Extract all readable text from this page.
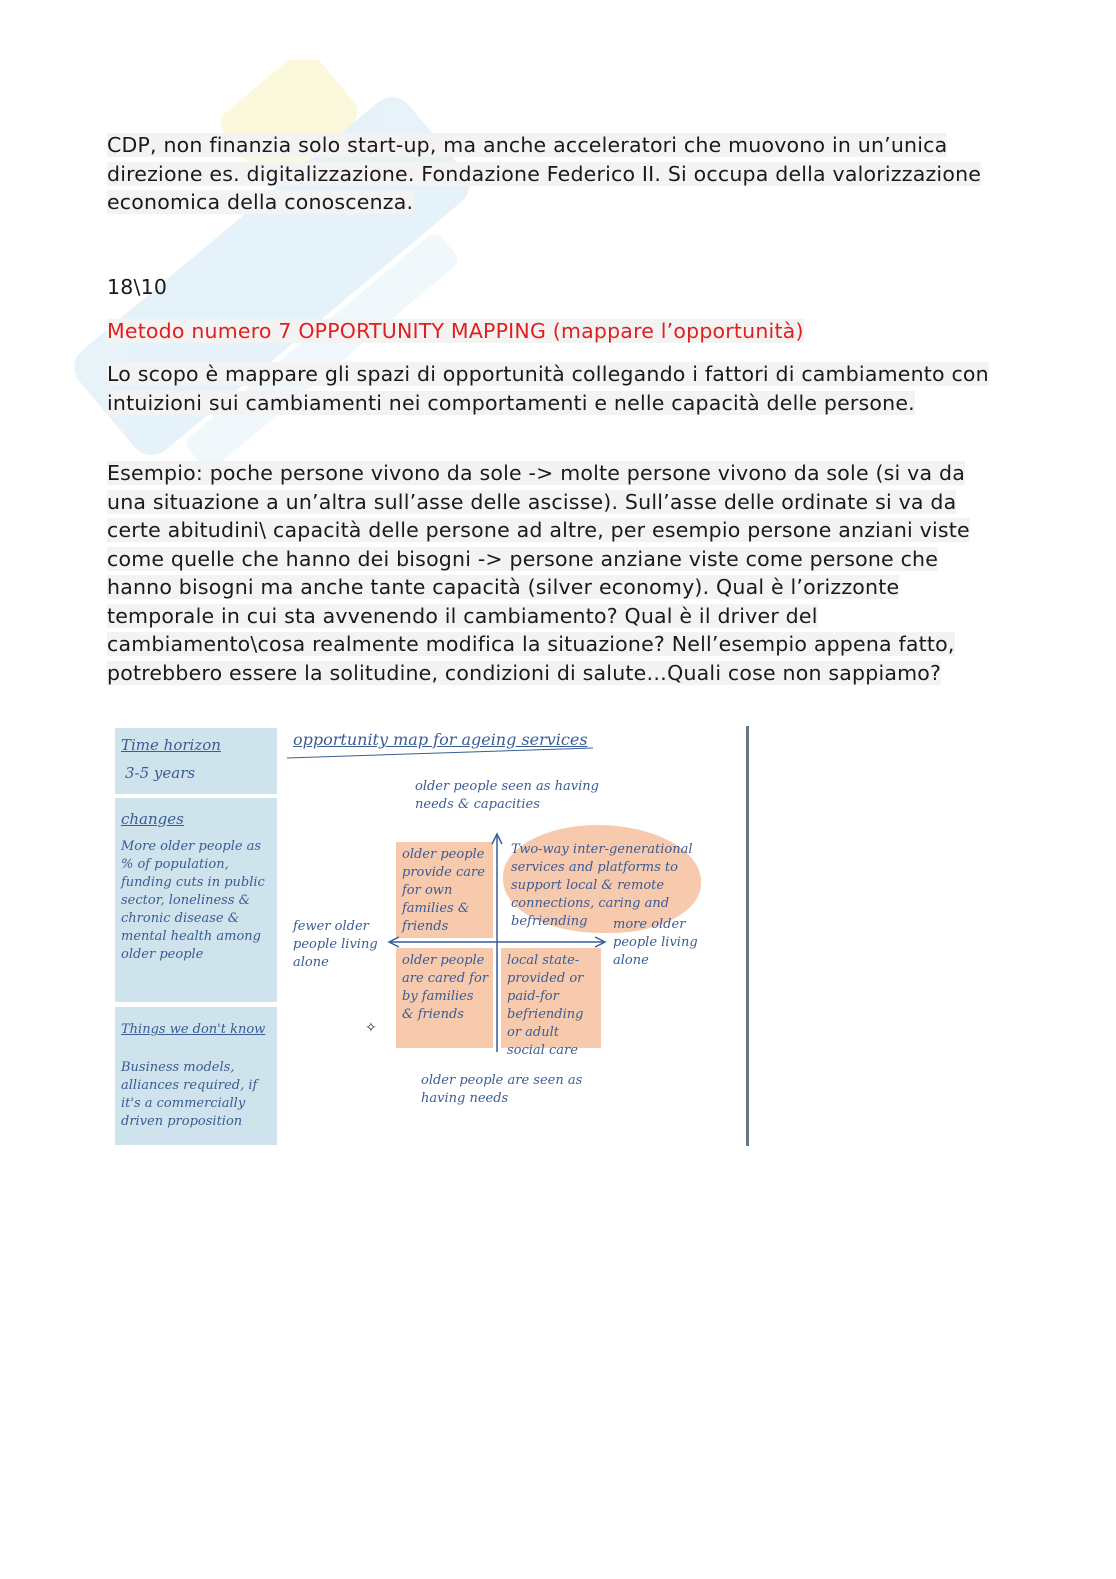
CDP, non finanzia solo start-up, ma anche acceleratori che muovono in un’unica direzione es. digitalizzazione. Fondazione Federico II. Si occupa della valorizzazione economica della conoscenza.

18\10

Metodo numero 7 OPPORTUNITY MAPPING (mappare l’opportunità)

Lo scopo è mappare gli spazi di opportunità collegando i fattori di cambiamento con intuizioni sui cambiamenti nei comportamenti e nelle capacità delle persone.

Esempio: poche persone vivono da sole -> molte persone vivono da sole (si va da una situazione a un’altra sull’asse delle ascisse). Sull’asse delle ordinate si va da certe abitudini\ capacità delle persone ad altre, per esempio persone anziani viste come quelle che hanno dei bisogni -> persone anziane viste come persone che hanno bisogni ma anche tante capacità (silver economy). Qual è l’orizzonte temporale in cui sta avvenendo il cambiamento? Qual è il driver del cambiamento\cosa realmente modifica la situazione? Nell’esempio appena fatto, potrebbero essere la solitudine, condizioni di salute…Quali cose non sappiamo?

Time horizon
3-5 years
changes
More older people as % of population, funding cuts in public sector, loneliness & chronic disease & mental health among older people
Things we don't know
Business models, alliances required, if it's a commercially driven proposition
opportunity map for ageing services
older people seen as having needs & capacities
Two-way inter-generational services and platforms to support local & remote connections, caring and befriending
older people provide care for own families & friends
older people are cared for by families & friends
local state-provided or paid-for befriending or adult social care
fewer older people living alone
more older people living alone
older people are seen as having needs
✧
